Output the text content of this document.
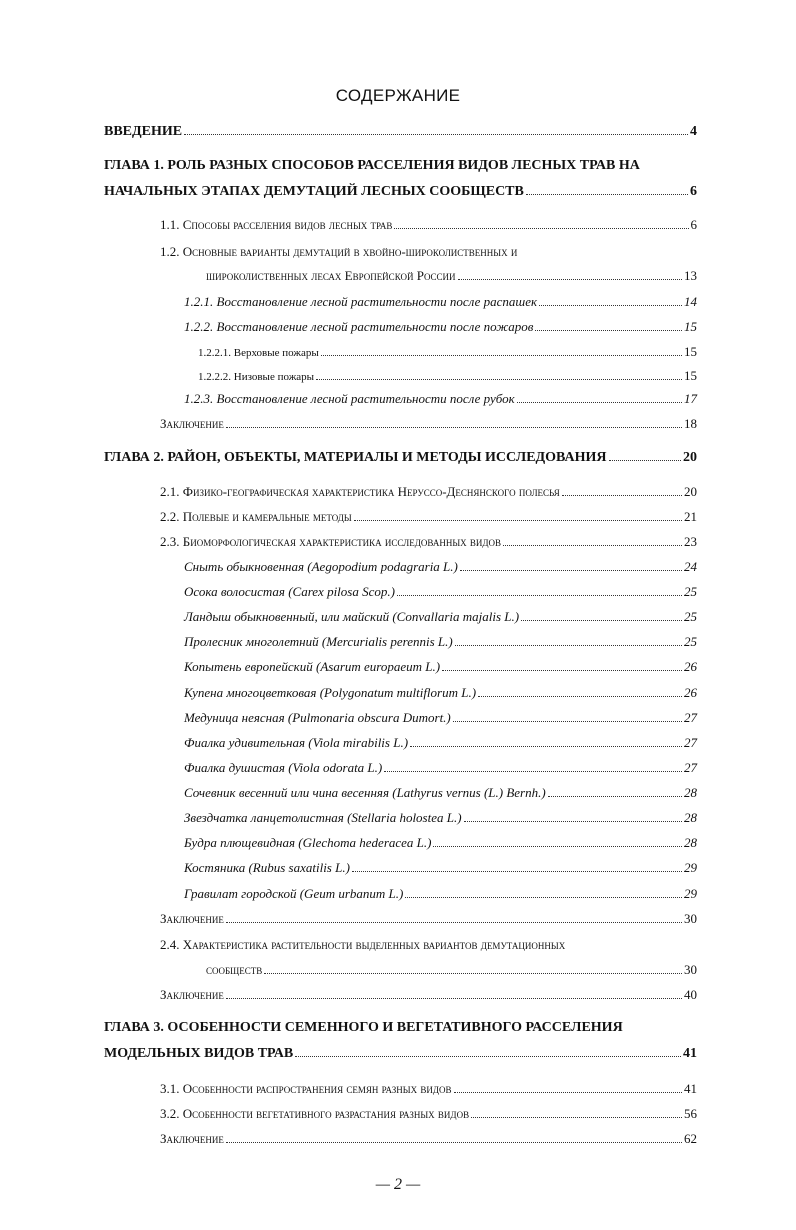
СОДЕРЖАНИЕ
ВВЕДЕНИЕ	4
ГЛАВА 1. РОЛЬ РАЗНЫХ СПОСОБОВ РАССЕЛЕНИЯ ВИДОВ ЛЕСНЫХ ТРАВ НА
НАЧАЛЬНЫХ ЭТАПАХ ДЕМУТАЦИЙ ЛЕСНЫХ СООБЩЕСТВ	6
1.1. Способы расселения видов лесных трав	6
1.2. Основные варианты демутаций в хвойно-широколиственных и
широколиственных лесах Европейской России	13
1.2.1. Восстановление лесной растительности после распашек	14
1.2.2. Восстановление лесной растительности после пожаров	15
1.2.2.1. Верховые пожары	15
1.2.2.2. Низовые пожары	15
1.2.3. Восстановление лесной растительности после рубок	17
Заключение	18
ГЛАВА 2. РАЙОН, ОБЪЕКТЫ, МАТЕРИАЛЫ И МЕТОДЫ ИССЛЕДОВАНИЯ	20
2.1. Физико-географическая характеристика Неруссо-Деснянского полесья	20
2.2. Полевые и камеральные методы	21
2.3. Биоморфологическая характеристика исследованных видов	23
Сныть обыкновенная (Aegopodium podagraria L.)	24
Осока волосистая (Carex pilosa Scop.)	25
Ландыш обыкновенный, или майский (Convallaria majalis L.)	25
Пролесник многолетний (Mercurialis perennis L.)	25
Копытень европейский (Asarum europaeum L.)	26
Купена многоцветковая (Polygonatum multiflorum L.)	26
Медуница неясная (Pulmonaria obscura Dumort.)	27
Фиалка удивительная (Viola mirabilis L.)	27
Фиалка душистая (Viola odorata L.)	27
Сочевник весенний или чина весенняя (Lathyrus vernus (L.) Bernh.)	28
Звездчатка ланцетолистная (Stellaria holostea L.)	28
Будра плющевидная (Glechoma hederacea L.)	28
Костяника (Rubus saxatilis L.)	29
Гравилат городской (Geum urbanum L.)	29
Заключение	30
2.4. Характеристика растительности выделенных вариантов демутационных
сообществ	30
Заключение	40
ГЛАВА 3. ОСОБЕННОСТИ СЕМЕННОГО И ВЕГЕТАТИВНОГО РАССЕЛЕНИЯ
МОДЕЛЬНЫХ ВИДОВ ТРАВ	41
3.1. Особенности распространения семян разных видов	41
3.2. Особенности вегетативного разрастания разных видов	56
Заключение	62
— 2 —
